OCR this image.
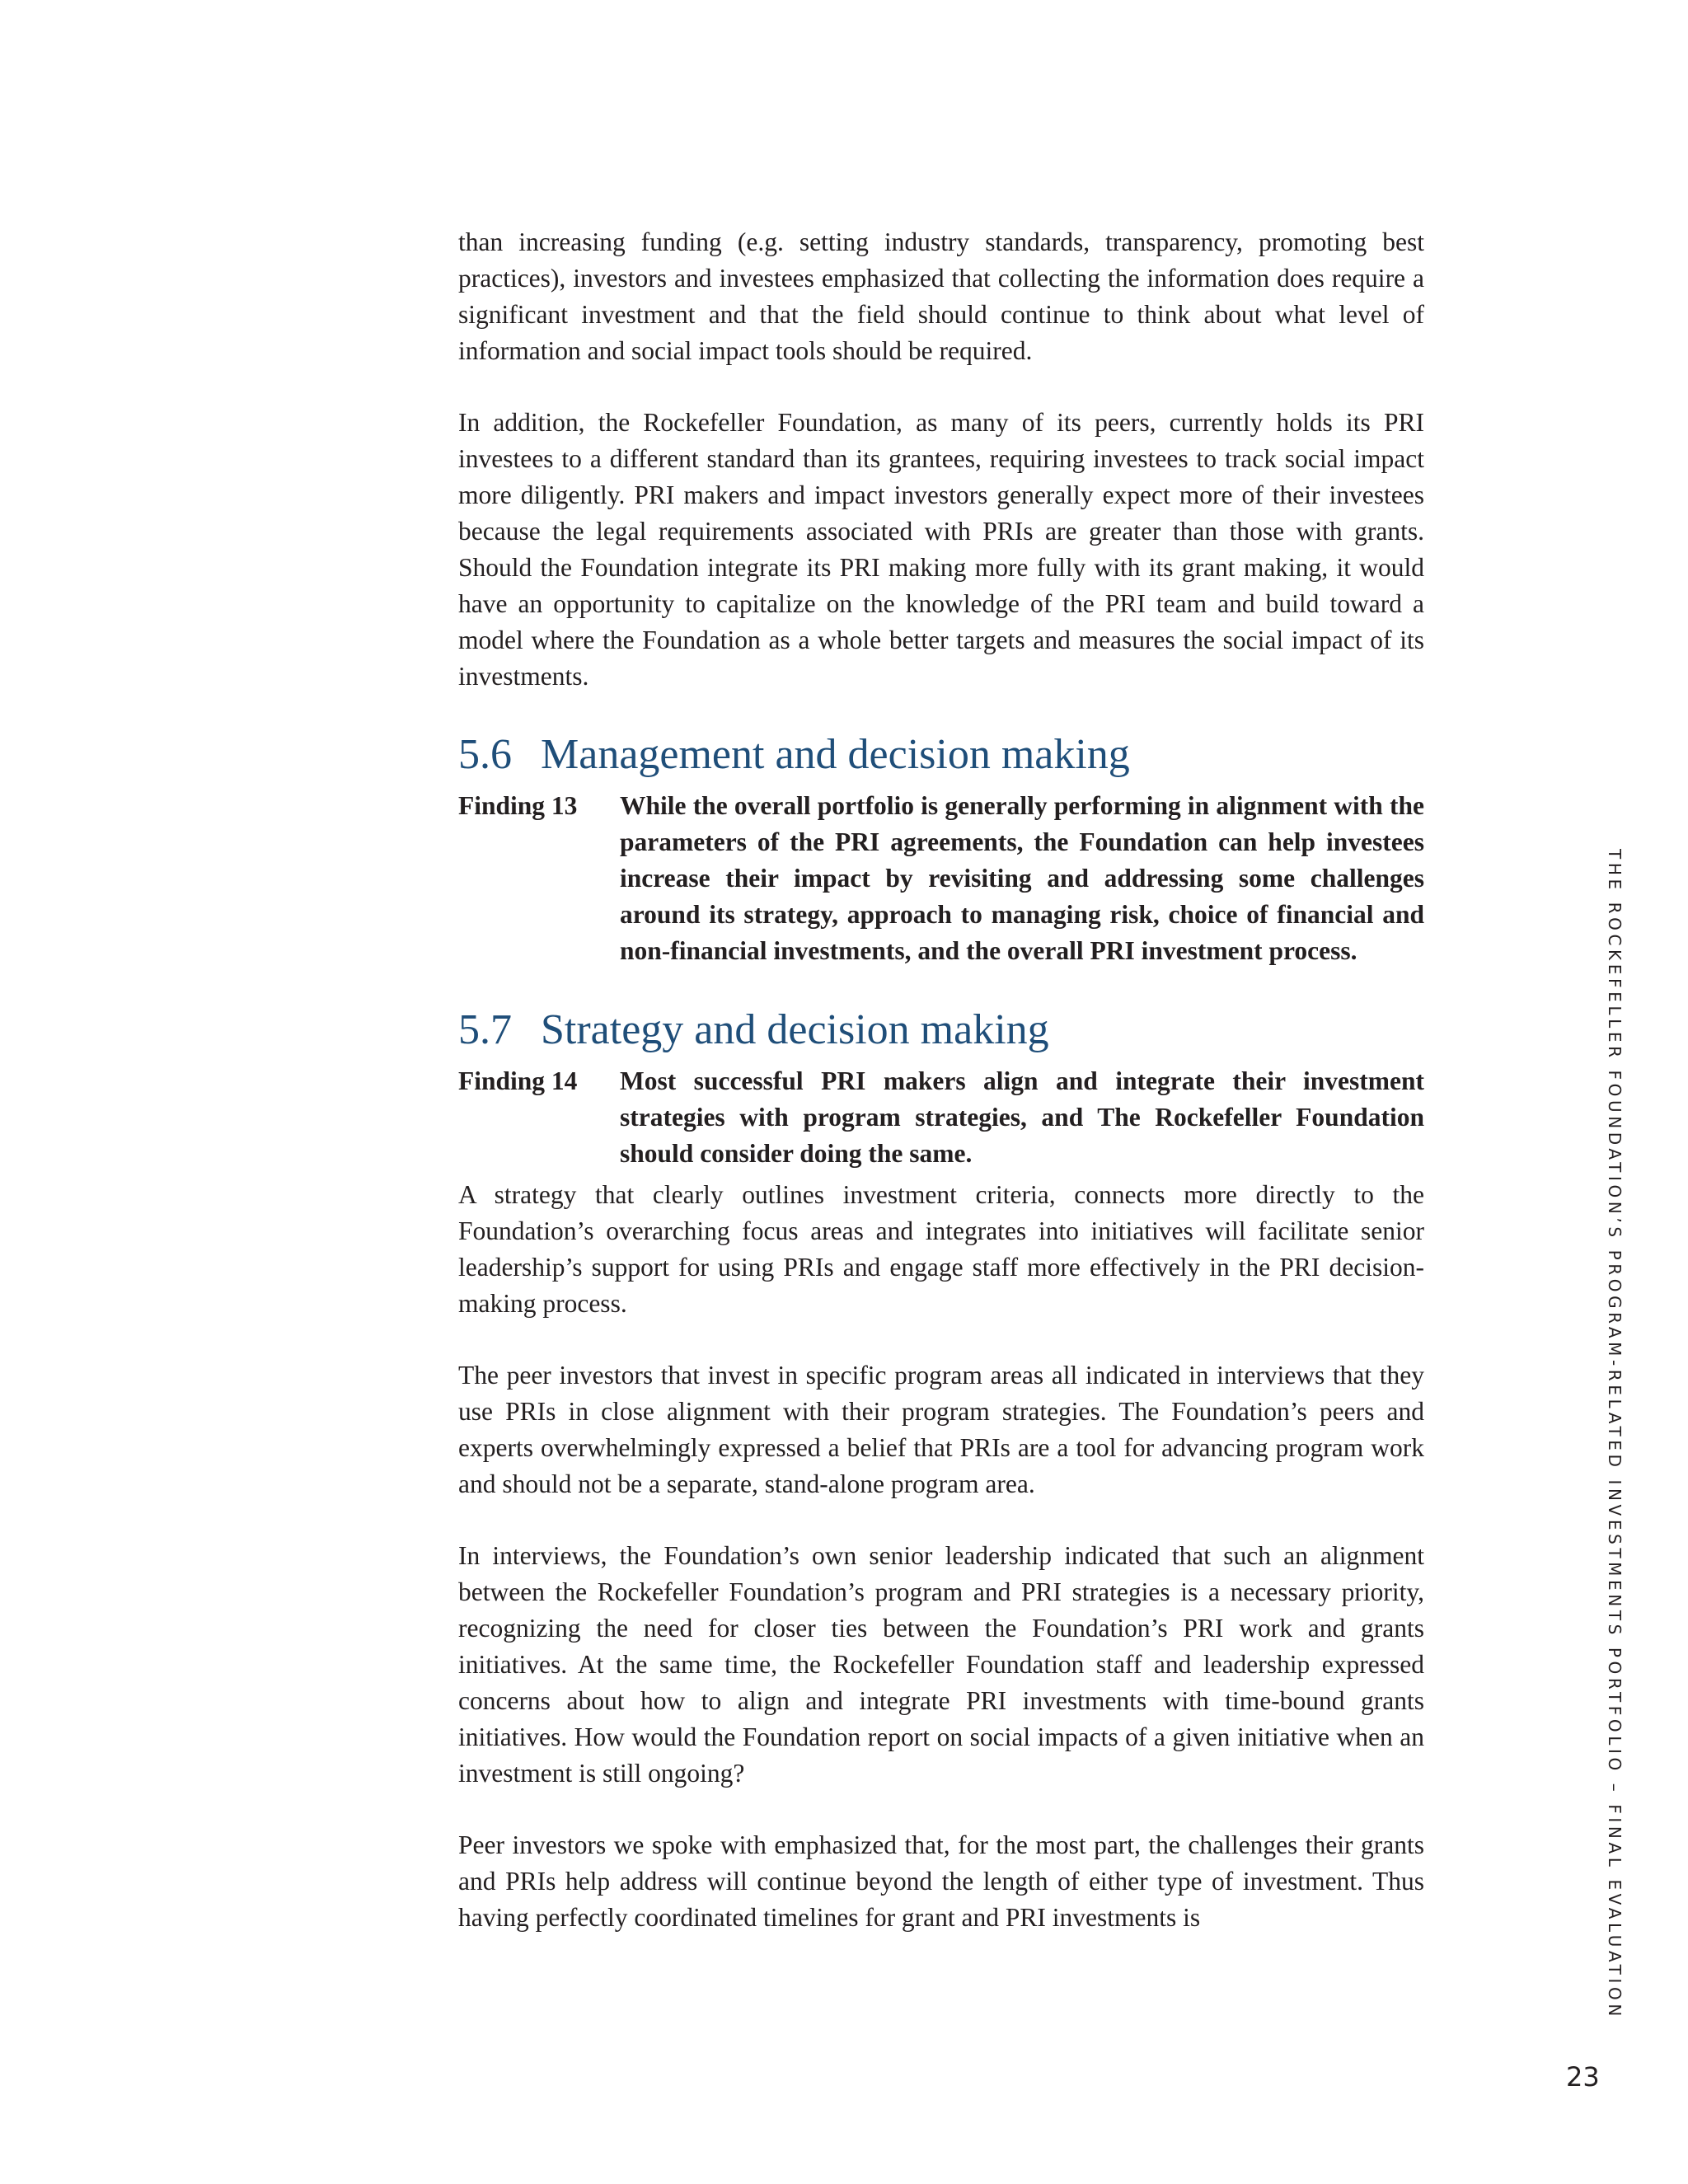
than increasing funding (e.g. setting industry standards, transparency, promoting best practices), investors and investees emphasized that collecting the information does require a significant investment and that the field should continue to think about what level of information and social impact tools should be required.

In addition, the Rockefeller Foundation, as many of its peers, currently holds its PRI investees to a different standard than its grantees, requiring investees to track social impact more diligently. PRI makers and impact investors generally expect more of their investees because the legal requirements associated with PRIs are greater than those with grants. Should the Foundation integrate its PRI making more fully with its grant making, it would have an opportunity to capitalize on the knowledge of the PRI team and build toward a model where the Foundation as a whole better targets and measures the social impact of its investments.

5.6 Management and decision making
Finding 13	While the overall portfolio is generally performing in alignment with the parameters of the PRI agreements, the Foundation can help investees increase their impact by revisiting and addressing some challenges around its strategy, approach to managing risk, choice of financial and non-financial investments, and the overall PRI investment process.
5.7 Strategy and decision making
Finding 14	Most successful PRI makers align and integrate their investment strategies with program strategies, and The Rockefeller Foundation should consider doing the same.

A strategy that clearly outlines investment criteria, connects more directly to the Foundation’s overarching focus areas and integrates into initiatives will facilitate senior leadership’s support for using PRIs and engage staff more effectively in the PRI decision-making process.

The peer investors that invest in specific program areas all indicated in interviews that they use PRIs in close alignment with their program strategies. The Foundation’s peers and experts overwhelmingly expressed a belief that PRIs are a tool for advancing program work and should not be a separate, stand-alone program area.

In interviews, the Foundation’s own senior leadership indicated that such an alignment between the Rockefeller Foundation’s program and PRI strategies is a necessary priority, recognizing the need for closer ties between the Foundation’s PRI work and grants initiatives. At the same time, the Rockefeller Foundation staff and leadership expressed concerns about how to align and integrate PRI investments with time-bound grants initiatives. How would the Foundation report on social impacts of a given initiative when an investment is still ongoing?

Peer investors we spoke with emphasized that, for the most part, the challenges their grants and PRIs help address will continue beyond the length of either type of investment. Thus having perfectly coordinated timelines for grant and PRI investments is	THE ROCKEFELLER FOUNDATION’S PROGRAM-RELATED INVESTMENTS PORTFOLIO – FINAL EVALUATION
23
